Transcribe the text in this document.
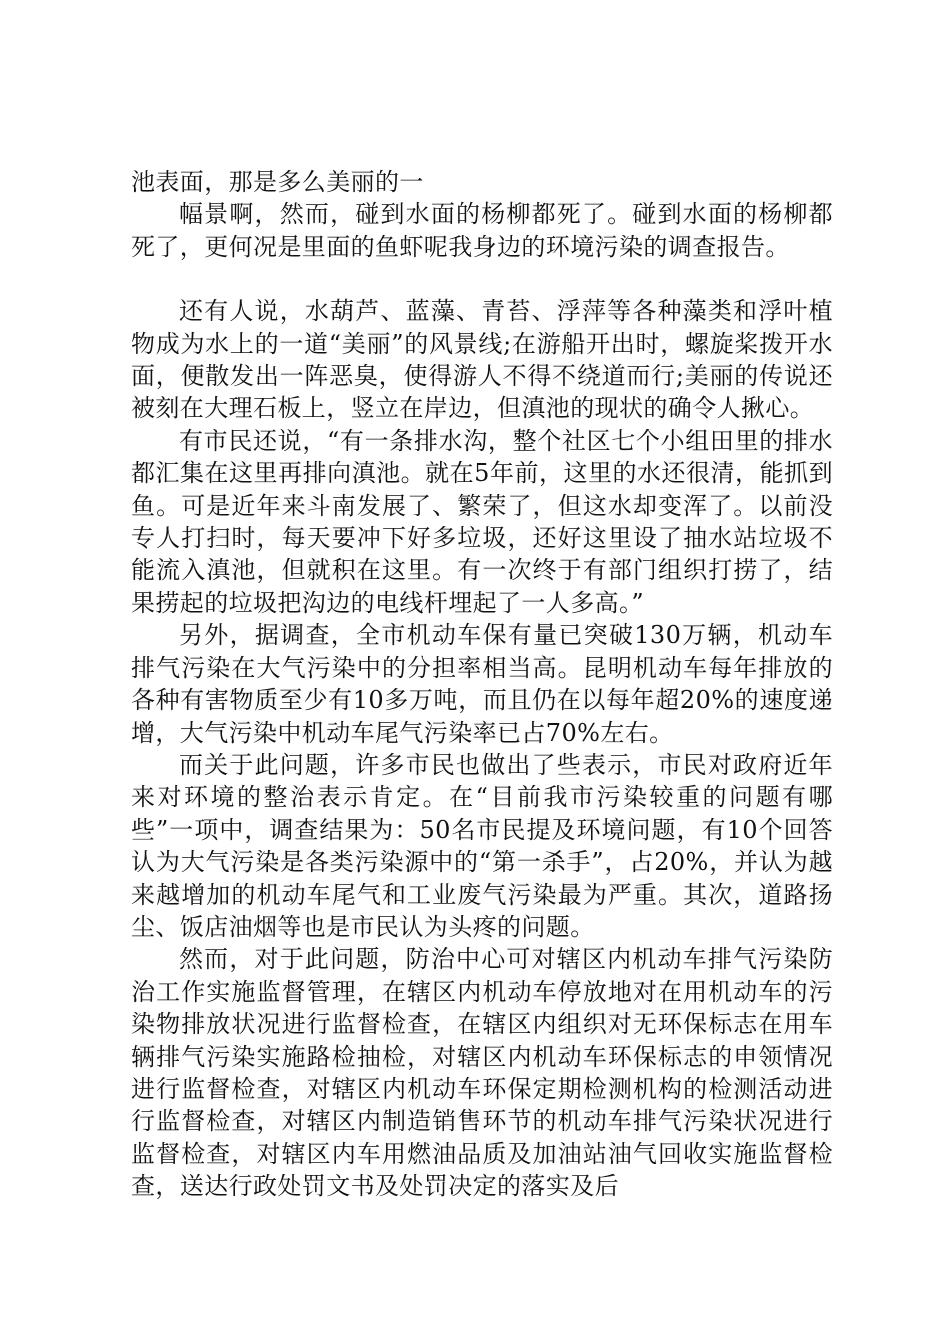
池表面，那是多么美丽的一

幅景啊，然而，碰到水面的杨柳都死了。碰到水面的杨柳都死了，更何况是里面的鱼虾呢我身边的环境污染的调查报告。

还有人说，水葫芦、蓝藻、青苔、浮萍等各种藻类和浮叶植物成为水上的一道“美丽”的风景线;在游船开出时，螺旋桨拨开水面，便散发出一阵恶臭，使得游人不得不绕道而行;美丽的传说还被刻在大理石板上，竖立在岸边，但滇池的现状的确令人揪心。

有市民还说，“有一条排水沟，整个社区七个小组田里的排水都汇集在这里再排向滇池。就在5年前，这里的水还很清，能抓到鱼。可是近年来斗南发展了、繁荣了，但这水却变浑了。以前没专人打扫时，每天要冲下好多垃圾，还好这里设了抽水站垃圾不能流入滇池，但就积在这里。有一次终于有部门组织打捞了，结果捞起的垃圾把沟边的电线杆埋起了一人多高。”

另外，据调查，全市机动车保有量已突破130万辆，机动车排气污染在大气污染中的分担率相当高。昆明机动车每年排放的各种有害物质至少有10多万吨，而且仍在以每年超20%的速度递增，大气污染中机动车尾气污染率已占70%左右。

而关于此问题，许多市民也做出了些表示，市民对政府近年来对环境的整治表示肯定。在“目前我市污染较重的问题有哪些”一项中，调查结果为：50名市民提及环境问题，有10个回答认为大气污染是各类污染源中的“第一杀手”，占20%，并认为越来越增加的机动车尾气和工业废气污染最为严重。其次，道路扬尘、饭店油烟等也是市民认为头疼的问题。

然而，对于此问题，防治中心可对辖区内机动车排气污染防治工作实施监督管理，在辖区内机动车停放地对在用机动车的污染物排放状况进行监督检查，在辖区内组织对无环保标志在用车辆排气污染实施路检抽检，对辖区内机动车环保标志的申领情况进行监督检查，对辖区内机动车环保定期检测机构的检测活动进行监督检查，对辖区内制造销售环节的机动车排气污染状况进行监督检查，对辖区内车用燃油品质及加油站油气回收实施监督检查，送达行政处罚文书及处罚决定的落实及后
